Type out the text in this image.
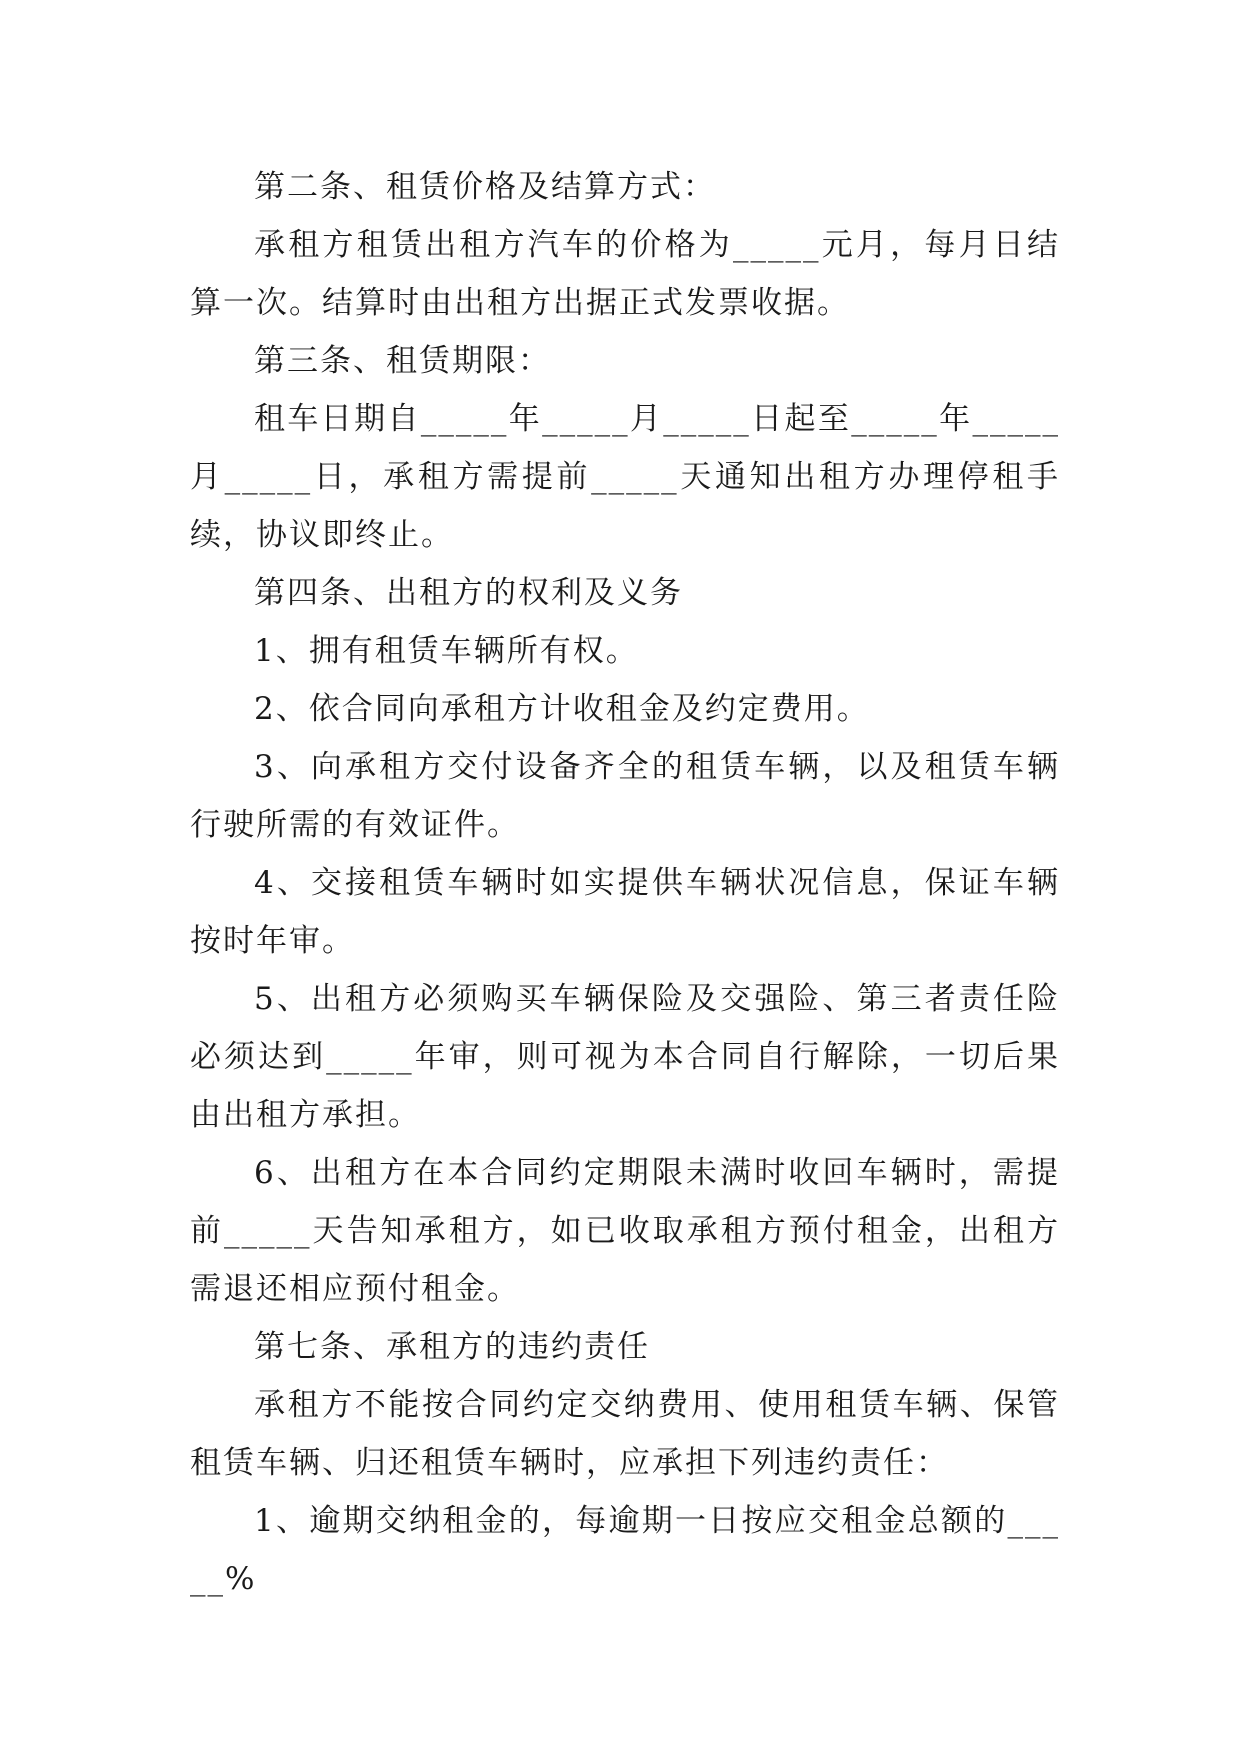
第二条、租赁价格及结算方式：

承租方租赁出租方汽车的价格为_____元月，每月日结算一次。结算时由出租方出据正式发票收据。

第三条、租赁期限：

租车日期自_____年_____月_____日起至_____年_____月_____日，承租方需提前_____天通知出租方办理停租手续，协议即终止。

第四条、出租方的权利及义务

1、拥有租赁车辆所有权。

2、依合同向承租方计收租金及约定费用。

3、向承租方交付设备齐全的租赁车辆，以及租赁车辆行驶所需的有效证件。

4、交接租赁车辆时如实提供车辆状况信息，保证车辆按时年审。

5、出租方必须购买车辆保险及交强险、第三者责任险必须达到_____年审，则可视为本合同自行解除，一切后果由出租方承担。

6、出租方在本合同约定期限未满时收回车辆时，需提前_____天告知承租方，如已收取承租方预付租金，出租方需退还相应预付租金。

第七条、承租方的违约责任

承租方不能按合同约定交纳费用、使用租赁车辆、保管租赁车辆、归还租赁车辆时，应承担下列违约责任：

1、逾期交纳租金的，每逾期一日按应交租金总额的_____%
